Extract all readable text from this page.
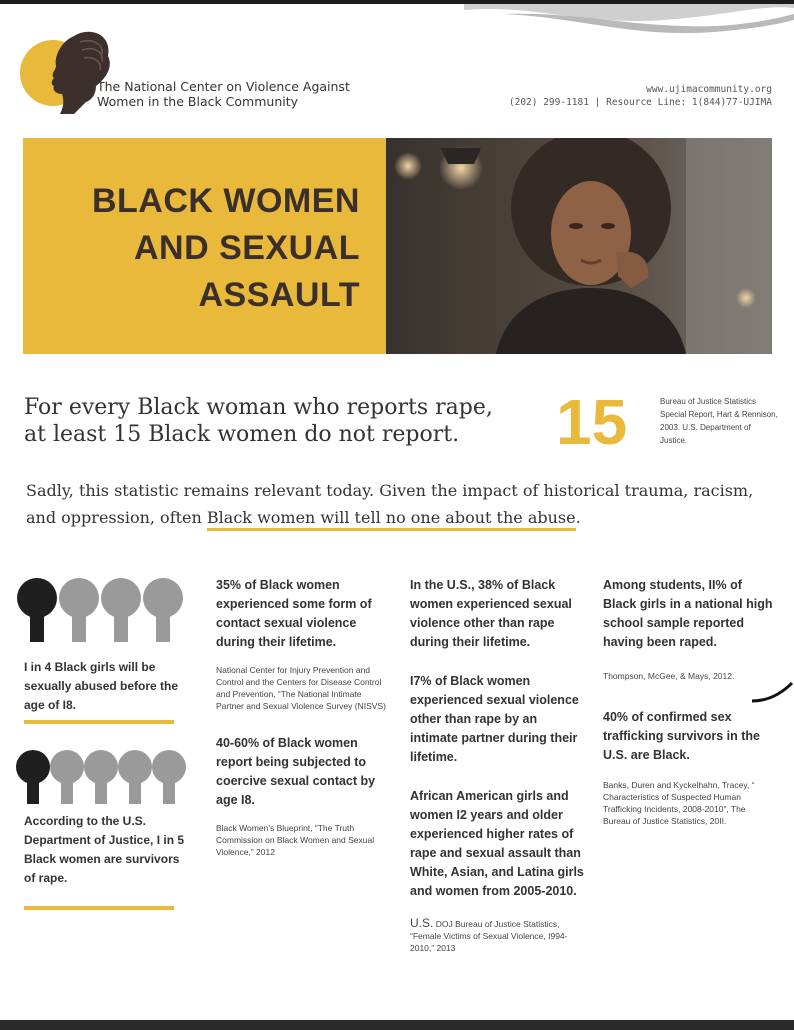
The National Center on Violence Against
Women in the Black Community
www.ujimacommunity.org
(202) 299-1181 | Resource Line: 1(844)77-UJIMA
BLACK WOMEN
AND SEXUAL
ASSAULT
For every Black woman who reports rape,
at least 15 Black women do not report.	15	Bureau of Justice Statistics
Special Report, Hart & Rennison,
2003. U.S. Department of
Justice.
Sadly, this statistic remains relevant today. Given the impact of historical trauma, racism, and oppression, often Black women will tell no one about the abuse.
I in 4 Black girls will be sexually abused before the age of I8.
According to the U.S. Department of Justice, I in 5 Black women are survivors of rape.
35% of Black women experienced some form of contact sexual violence during their lifetime.
National Center for Injury Prevention and Control and the Centers for Disease Control and Prevention, “The National Intimate Partner and Sexual Violence Survey (NISVS)
40-60% of Black women report being subjected to coercive sexual contact by age I8.
Black Women’s Blueprint, “The Truth Commission on Black Women and Sexual Violence,” 2012
In the U.S., 38% of Black women experienced sexual violence other than rape during their lifetime.
I7% of Black women experienced sexual violence other than rape by an intimate partner during their lifetime.
African American girls and women I2 years and older experienced higher rates of rape and sexual assault than White, Asian, and Latina girls and women from 2005-2010.
U.S. DOJ Bureau of Justice Statistics, “Female Victims of Sexual Violence, I994-2010,” 2013
Among students, II% of Black girls in a national high school sample reported having been raped.
Thompson, McGee, & Mays, 2012.
40% of confirmed sex trafficking survivors in the U.S. are Black.
Banks, Duren and Kyckelhahn, Tracey, “ Characteristics of Suspected Human Trafficking Incidents, 2008-2010”, The Bureau of Justice Statistics, 20II.
